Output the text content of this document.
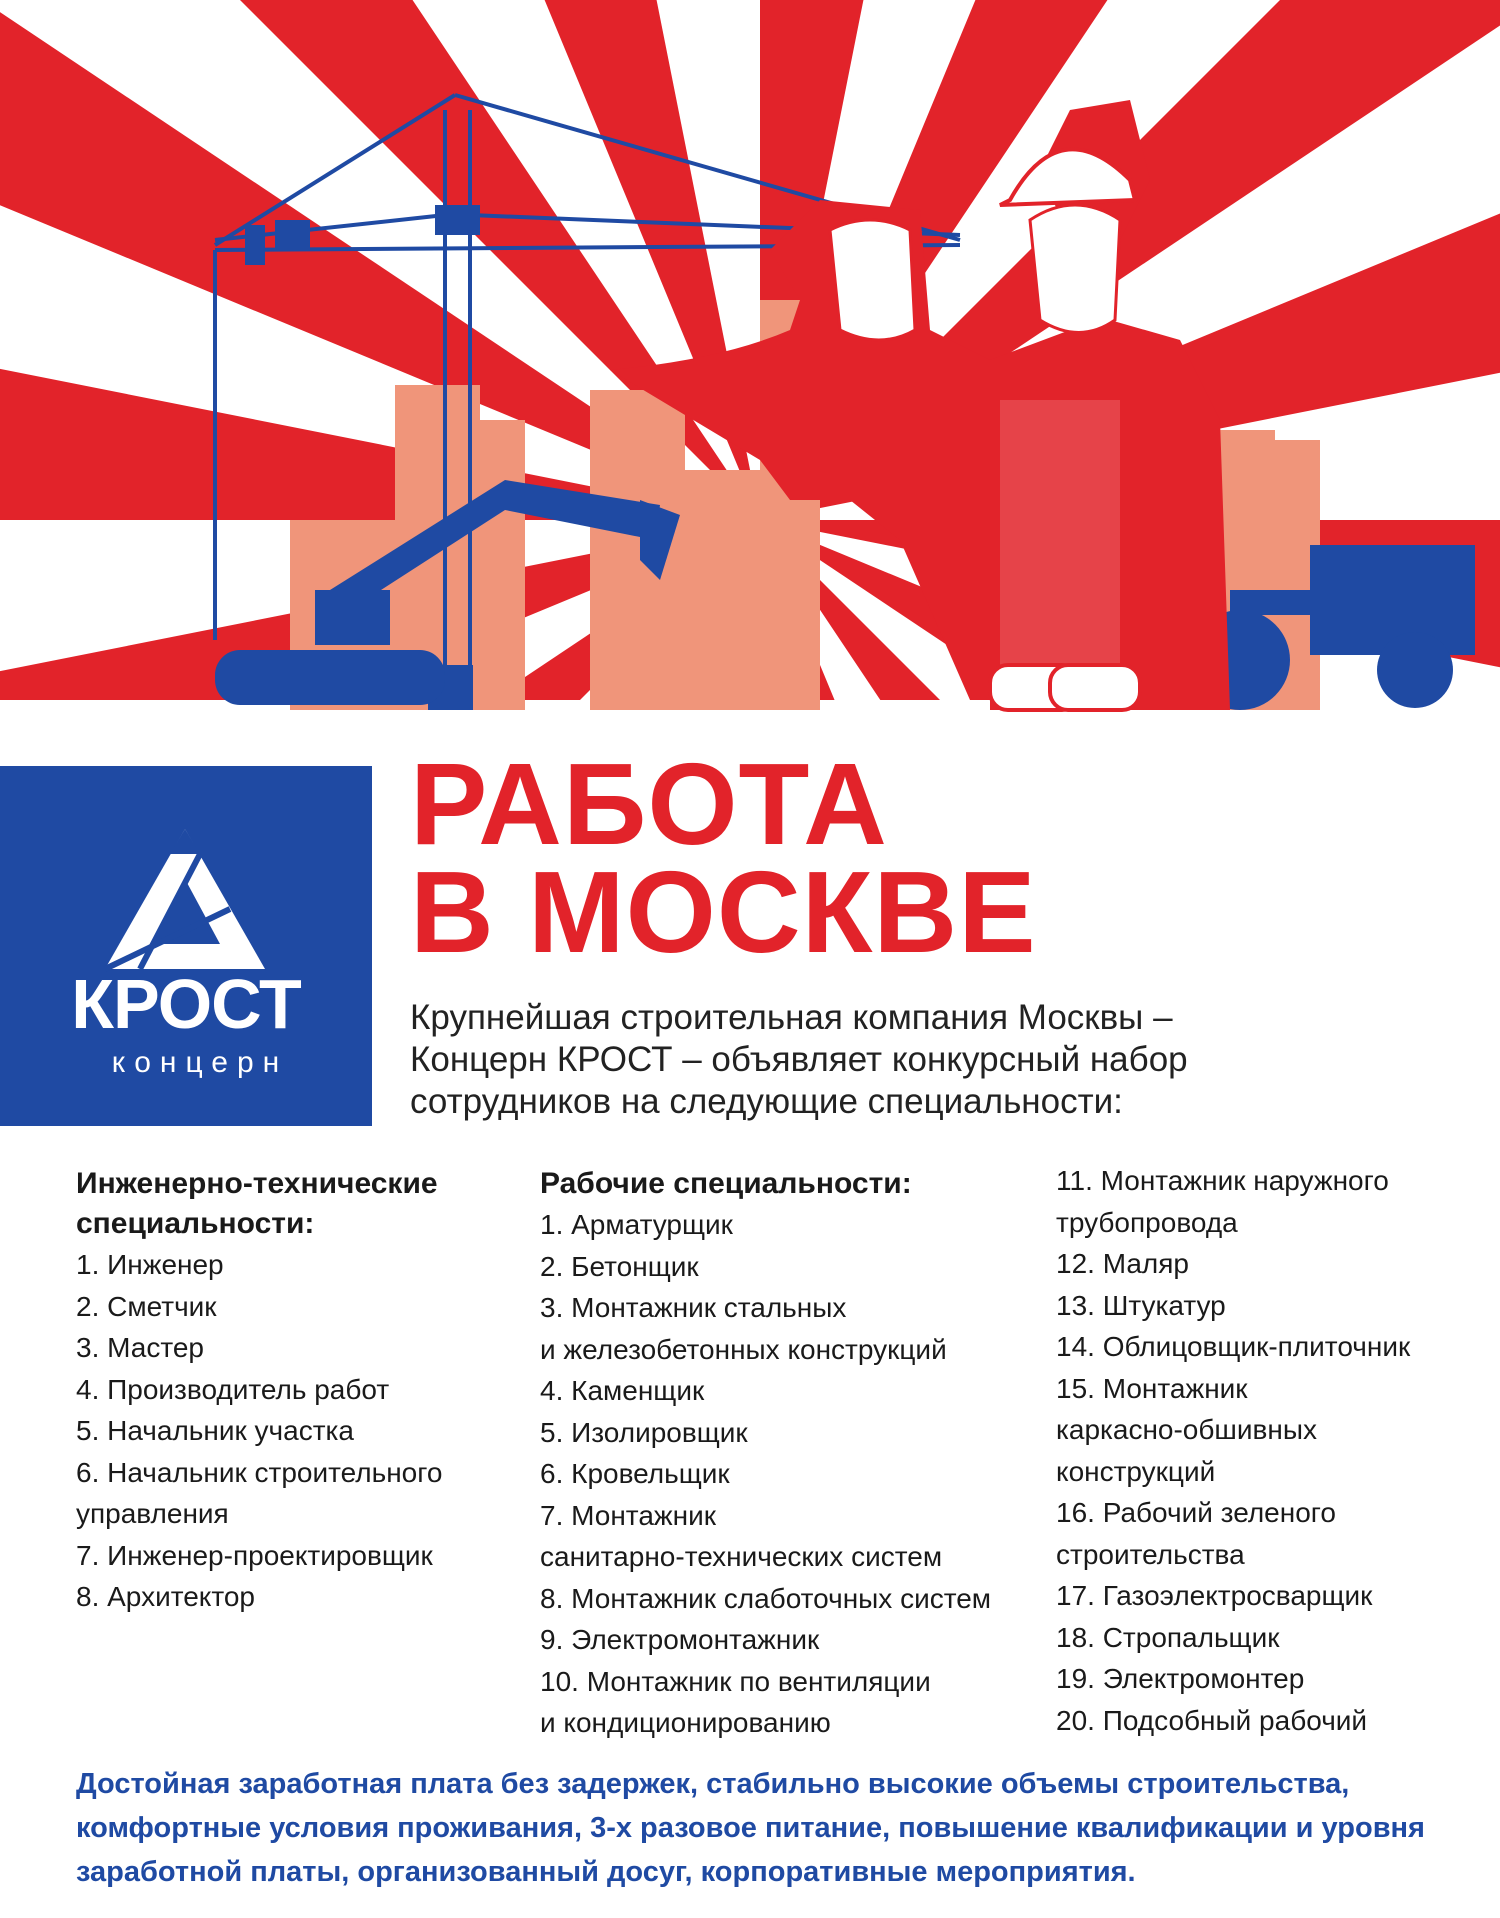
КРОСТ
концерн
РАБОТА
В МОСКВЕ
Крупнейшая строительная компания Москвы –
Концерн КРОСТ – объявляет конкурсный набор
сотрудников на следующие специальности:
Инженерно-технические
специальности:
1. Инженер
2. Сметчик
3. Мастер
4. Производитель работ
5. Начальник участка
6. Начальник строительного
управления
7. Инженер-проектировщик
8. Архитектор
Рабочие специальности:
1. Арматурщик
2. Бетонщик
3. Монтажник стальных
и железобетонных конструкций
4. Каменщик
5. Изолировщик
6. Кровельщик
7. Монтажник
санитарно-технических систем
8. Монтажник слаботочных систем
9. Электромонтажник
10. Монтажник по вентиляции
и кондиционированию
11. Монтажник наружного
трубопровода
12. Маляр
13. Штукатур
14. Облицовщик-плиточник
15. Монтажник
каркасно-обшивных
конструкций
16. Рабочий зеленого
строительства
17. Газоэлектросварщик
18. Стропальщик
19. Электромонтер
20. Подсобный рабочий
Достойная заработная плата без задержек, стабильно высокие объемы строительства,
комфортные условия проживания, 3-х разовое питание, повышение квалификации и уровня
заработной платы, организованный досуг, корпоративные мероприятия.
